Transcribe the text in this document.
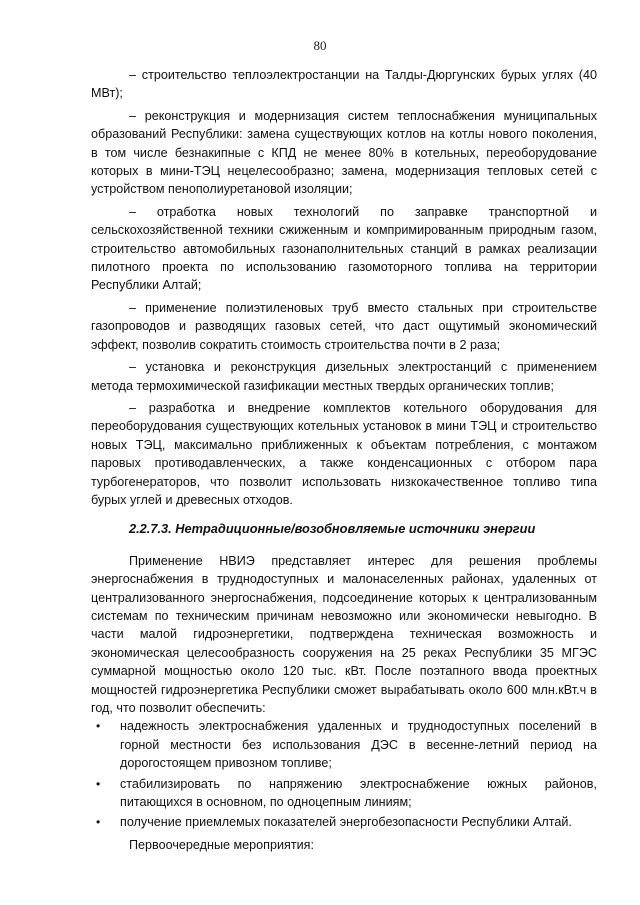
80

– строительство теплоэлектростанции на Талды-Дюргунских бурых углях (40 МВт);

– реконструкция и модернизация систем теплоснабжения муниципальных образований Республики: замена существующих котлов на котлы нового поколения, в том числе безнакипные с КПД не менее 80% в котельных, переоборудование которых в мини-ТЭЦ нецелесообразно; замена, модернизация тепловых сетей с устройством пенополиуретановой изоляции;

– отработка новых технологий по заправке транспортной и сельскохозяйственной техники сжиженным и компримированным природным газом, строительство автомобильных газонаполнительных станций в рамках реализации пилотного проекта по использованию газомоторного топлива на территории Республики Алтай;

– применение полиэтиленовых труб вместо стальных при строительстве газопроводов и разводящих газовых сетей, что даст ощутимый экономический эффект, позволив сократить стоимость строительства почти в 2 раза;

– установка и реконструкция дизельных электростанций с применением метода термохимической газификации местных твердых органических топлив;

– разработка и внедрение комплектов котельного оборудования для переоборудования существующих котельных установок в мини ТЭЦ и строительство новых ТЭЦ, максимально приближенных к объектам потребления, с монтажом паровых противодавленческих, а также конденсационных с отбором пара турбогенераторов, что позволит использовать низкокачественное топливо типа бурых углей и древесных отходов.

2.2.7.3. Нетрадиционные/возобновляемые источники энергии

Применение НВИЭ представляет интерес для решения проблемы энергоснабжения в труднодоступных и малонаселенных районах, удаленных от централизованного энергоснабжения, подсоединение которых к централизованным системам по техническим причинам невозможно или экономически невыгодно. В части малой гидроэнергетики, подтверждена техническая возможность и экономическая целесообразность сооружения на 25 реках Республики 35 МГЭС суммарной мощностью около 120 тыс. кВт. После поэтапного ввода проектных мощностей гидроэнергетика Республики сможет вырабатывать около 600 млн.кВт.ч в год, что позволит обеспечить:

• надежность электроснабжения удаленных и труднодоступных поселений в горной местности без использования ДЭС в весенне-летний период на дорогостоящем привозном топливе;
• стабилизировать по напряжению электроснабжение южных районов, питающихся в основном, по одноцепным линиям;
• получение приемлемых показателей энергобезопасности Республики Алтай.

Первоочередные мероприятия:
